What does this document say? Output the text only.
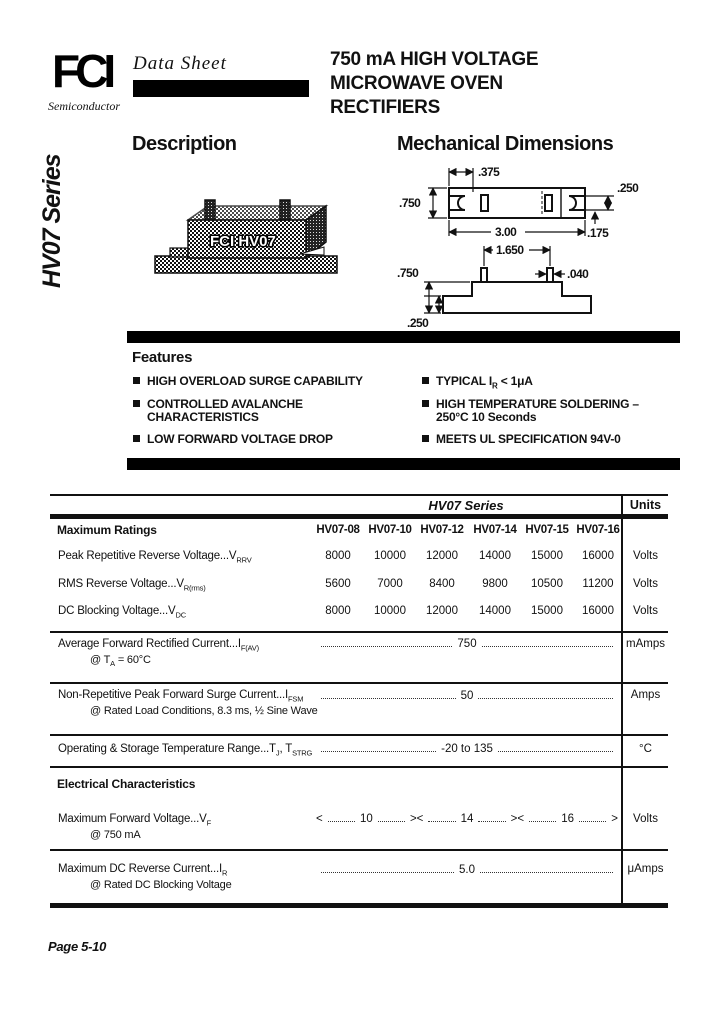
FCI
Semiconductor
Data Sheet	750 mA HIGH VOLTAGE
MICROWAVE OVEN
RECTIFIERS
HV07 Series
Description	Mechanical Dimensions
FCI HV07
.375
.750
.250
3.00	.175
1.650
.750	.040
.250
Features
HIGH OVERLOAD SURGE CAPABILITY
CONTROLLED AVALANCHE
CHARACTERISTICS
LOW FORWARD VOLTAGE DROP
TYPICAL $I_R < 1\mu A$
HIGH TEMPERATURE SOLDERING –
250°C 10 Seconds
MEETS UL SPECIFICATION 94V-0
HV07 Series	Units
Maximum Ratings	HV07-08 HV07-10 HV07-12 HV07-14 HV07-15 HV07-16
Peak Repetitive Reverse $Voltage...V_{RRV}$	8000	10000	12000	14000	15000	16000	Volts
RMS Reverse $Voltage...V_{R(rms)}$	5600	7000	8400	9800	10500	11200	Volts
DC Blocking $Voltage...V_{DC}$	8000	10000	12000	14000	15000	16000	Volts
Average Forward Rectified $Current...I_{F(AV)}$
@ $T_A = 60^\circ C$
750	mAmps
Non-Repetitive Peak Forward Surge $Current...I_{FSM}$
@ Rated Load Conditions, 8.3 ms, ½ Sine Wave
50	Amps
Operating & Storage Temperature $Range...T_J$, $T_{STRG}$	-20 to 135	°C
Electrical Characteristics
Maximum Forward $Voltage...V_F$
@ 750 mA
<	10	> <	14	> <	16	>	Volts
Maximum DC Reverse $Current...I_R$
@ Rated DC Blocking Voltage
5.0	μAmps
Page 5-10
